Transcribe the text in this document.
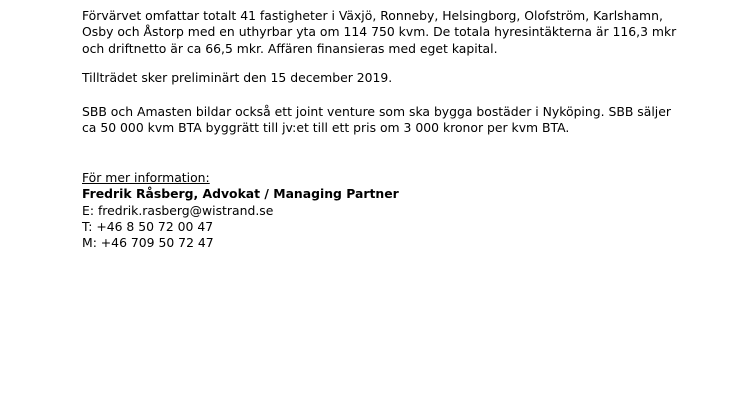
Förvärvet omfattar totalt 41 fastigheter i Växjö, Ronneby, Helsingborg, Olofström, Karlshamn,

Osby och Åstorp med en uthyrbar yta om 114 750 kvm. De totala hyresintäkterna är 116,3 mkr

och driftnetto är ca 66,5 mkr. Affären finansieras med eget kapital.

Tillträdet sker preliminärt den 15 december 2019.

SBB och Amasten bildar också ett joint venture som ska bygga bostäder i Nyköping. SBB säljer

ca 50 000 kvm BTA byggrätt till jv:et till ett pris om 3 000 kronor per kvm BTA.

För mer information:

Fredrik Råsberg, Advokat / Managing Partner

E: fredrik.rasberg@wistrand.se

T: +46 8 50 72 00 47

M: +46 709 50 72 47
